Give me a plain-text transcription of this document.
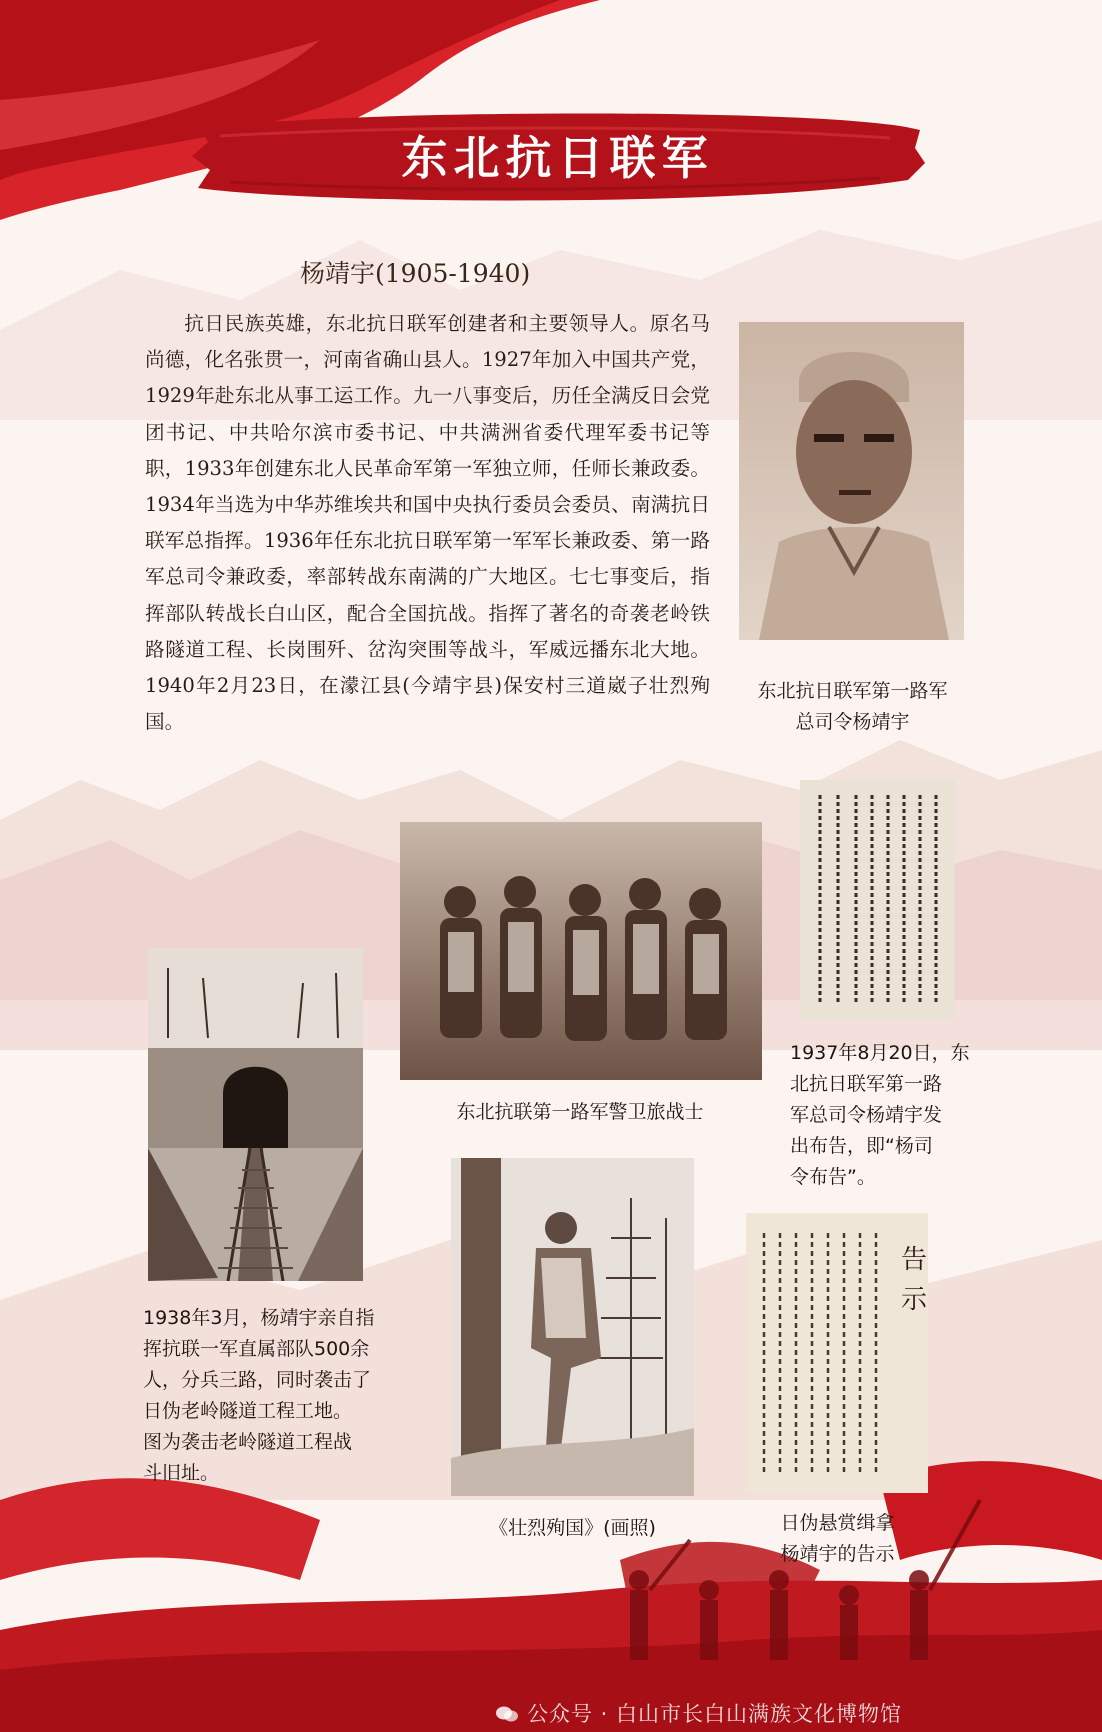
东北抗日联军
杨靖宇(1905-1940)

抗日民族英雄，东北抗日联军创建者和主要领导人。原名马尚德，化名张贯一，河南省确山县人。1927年加入中国共产党，1929年赴东北从事工运工作。九一八事变后，历任全满反日会党团书记、中共哈尔滨市委书记、中共满洲省委代理军委书记等职，1933年创建东北人民革命军第一军独立师，任师长兼政委。1934年当选为中华苏维埃共和国中央执行委员会委员、南满抗日联军总指挥。1936年任东北抗日联军第一军军长兼政委、第一路军总司令兼政委，率部转战东南满的广大地区。七七事变后，指挥部队转战长白山区，配合全国抗战。指挥了著名的奇袭老岭铁路隧道工程、长岗围歼、岔沟突围等战斗，军威远播东北大地。1940年2月23日，在濛江县(今靖宇县)保安村三道崴子壮烈殉国。

东北抗日联军第一路军
总司令杨靖宇
东北抗联第一路军警卫旅战士
1937年8月20日，东
北抗日联军第一路
军总司令杨靖宇发
出布告，即“杨司
令布告”。
1938年3月，杨靖宇亲自指
挥抗联一军直属部队500余
人，分兵三路，同时袭击了
日伪老岭隧道工程工地。
图为袭击老岭隧道工程战
斗旧址。
《壮烈殉国》(画照)
告
示
日伪悬赏缉拿
杨靖宇的告示
公众号 · 白山市长白山满族文化博物馆
